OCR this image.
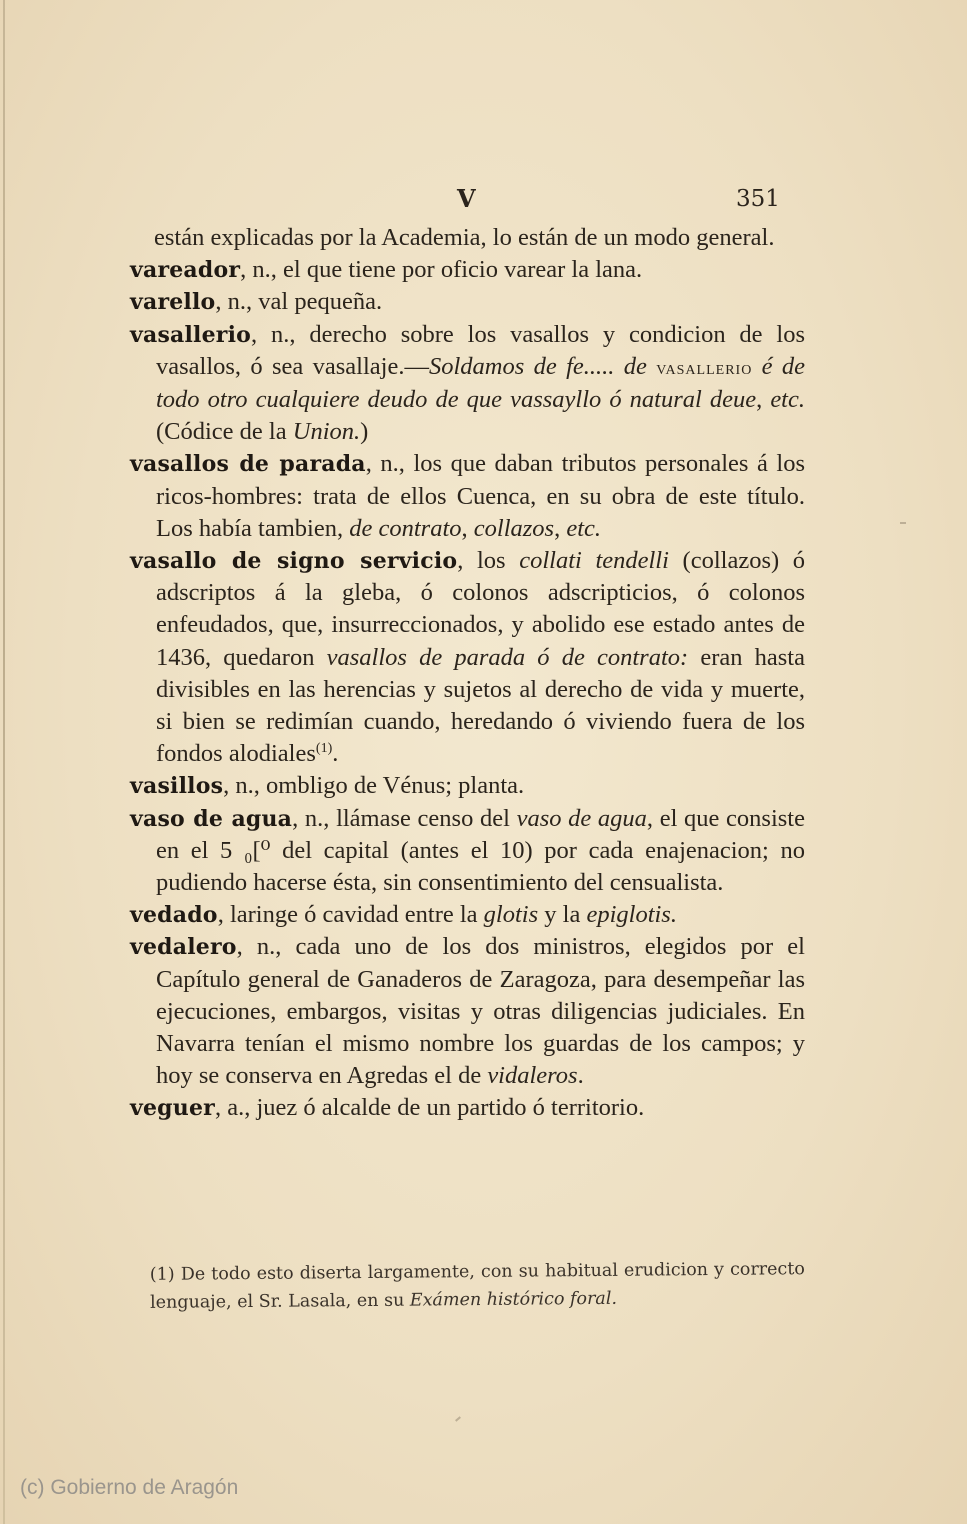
V	351

están explicadas por la Academia, lo están de un modo general.

vareador, n., el que tiene por oficio varear la lana.

varello, n., val pequeña.

vasallerio, n., derecho sobre los vasallos y condicion de los vasallos, ó sea vasallaje.—Soldamos de fe..... de vasallerio é de todo otro cualquiere deudo de que vassayllo ó natural deue, etc. (Códice de la Union.)

vasallos de parada, n., los que daban tributos personales á los ricos-hombres: trata de ellos Cuenca, en su obra de este título. Los había tambien, de contrato, collazos, etc.

vasallo de signo servicio, los collati tendelli (collazos) ó adscriptos á la gleba, ó colonos adscripticios, ó colonos enfeudados, que, insurreccionados, y abolido ese estado antes de 1436, quedaron vasallos de parada ó de contrato: eran hasta divisibles en las herencias y sujetos al derecho de vida y muerte, si bien se redimían cuando, heredando ó viviendo fuera de los fondos alodiales$^{(1)}$.

vasillos, n., ombligo de Vénus; planta.

vaso de agua, n., llámase censo del vaso de agua, el que consiste en el 5 ₀[⁰ del capital (antes el 10) por cada enajenacion; no pudiendo hacerse ésta, sin consentimiento del censualista.

vedado, laringe ó cavidad entre la glotis y la epiglotis.

vedalero, n., cada uno de los dos ministros, elegidos por el Capítulo general de Ganaderos de Zaragoza, para desempeñar las ejecuciones, embargos, visitas y otras diligencias judiciales. En Navarra tenían el mismo nombre los guardas de los campos; y hoy se conserva en Agredas el de vidaleros.

veguer, a., juez ó alcalde de un partido ó territorio.

(1) De todo esto diserta largamente, con su habitual erudicion y correcto lenguaje, el Sr. Lasala, en su Exámen histórico foral.
(c) Gobierno de Aragón
